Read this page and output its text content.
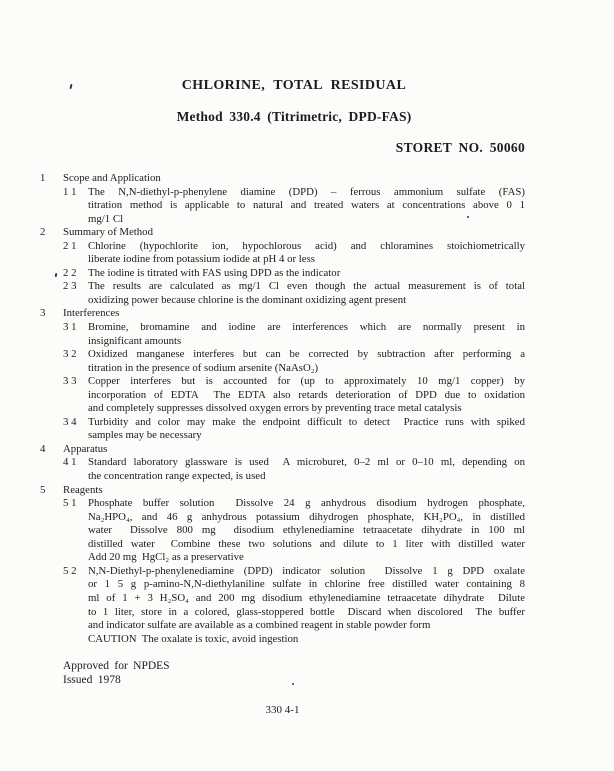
CHLORINE, TOTAL RESIDUAL
Method 330.4 (Titrimetric, DPD-FAS)
STORET NO. 50060
1 Scope and Application
1 1 The N,N-diethyl-p-phenylene diamine (DPD) – ferrous ammonium sulfate (FAS)
titration method is applicable to natural and treated waters at concentrations above 0 1
mg/1 Cl
2 Summary of Method
2 1 Chlorine (hypochlorite ion, hypochlorous acid) and chloramines stoichiometrically
liberate iodine from potassium iodide at pH 4 or less
2 2 The iodine is titrated with FAS using DPD as the indicator
2 3 The results are calculated as mg/1 Cl even though the actual measurement is of total
oxidizing power because chlorine is the dominant oxidizing agent present
3 Interferences
3 1 Bromine, bromamine and iodine are interferences which are normally present in
insignificant amounts
3 2 Oxidized manganese interferes but can be corrected by subtraction after performing a
titration in the presence of sodium arsenite (NaAsO₂)
3 3 Copper interferes but is accounted for (up to approximately 10 mg/1 copper) by
incorporation of EDTA  The EDTA also retards deterioration of DPD due to oxidation
and completely suppresses dissolved oxygen errors by preventing trace metal catalysis
3 4 Turbidity and color may make the endpoint difficult to detect  Practice runs with spiked
samples may be necessary
4 Apparatus
4 1 Standard laboratory glassware is used  A microburet, 0–2 ml or 0–10 ml, depending on
the concentration range expected, is used
5 Reagents
5 1 Phosphate buffer solution  Dissolve 24 g anhydrous disodium hydrogen phosphate,
Na₂HPO₄, and 46 g anhydrous potassium dihydrogen phosphate, KH₂PO₄, in distilled
water  Dissolve 800 mg  disodium ethylenediamine tetraacetate dihydrate in 100 ml
distilled water  Combine these two solutions and dilute to 1 liter with distilled water
Add 20 mg  HgCl₂ as a preservative
5 2 N,N-Diethyl-p-phenylenediamine (DPD) indicator solution  Dissolve 1 g DPD oxalate
or 1 5 g p-amino-N,N-diethylaniline sulfate in chlorine free distilled water containing 8
ml of 1 + 3 H₂SO₄ and 200 mg disodium ethylenediamine tetraacetate dihydrate  Dilute
to 1 liter, store in a colored, glass-stoppered bottle  Discard when discolored  The buffer
and indicator sulfate are available as a combined reagent in stable powder form
CAUTION  The oxalate is toxic, avoid ingestion
Approved for NPDES
Issued 1978
330 4-1
